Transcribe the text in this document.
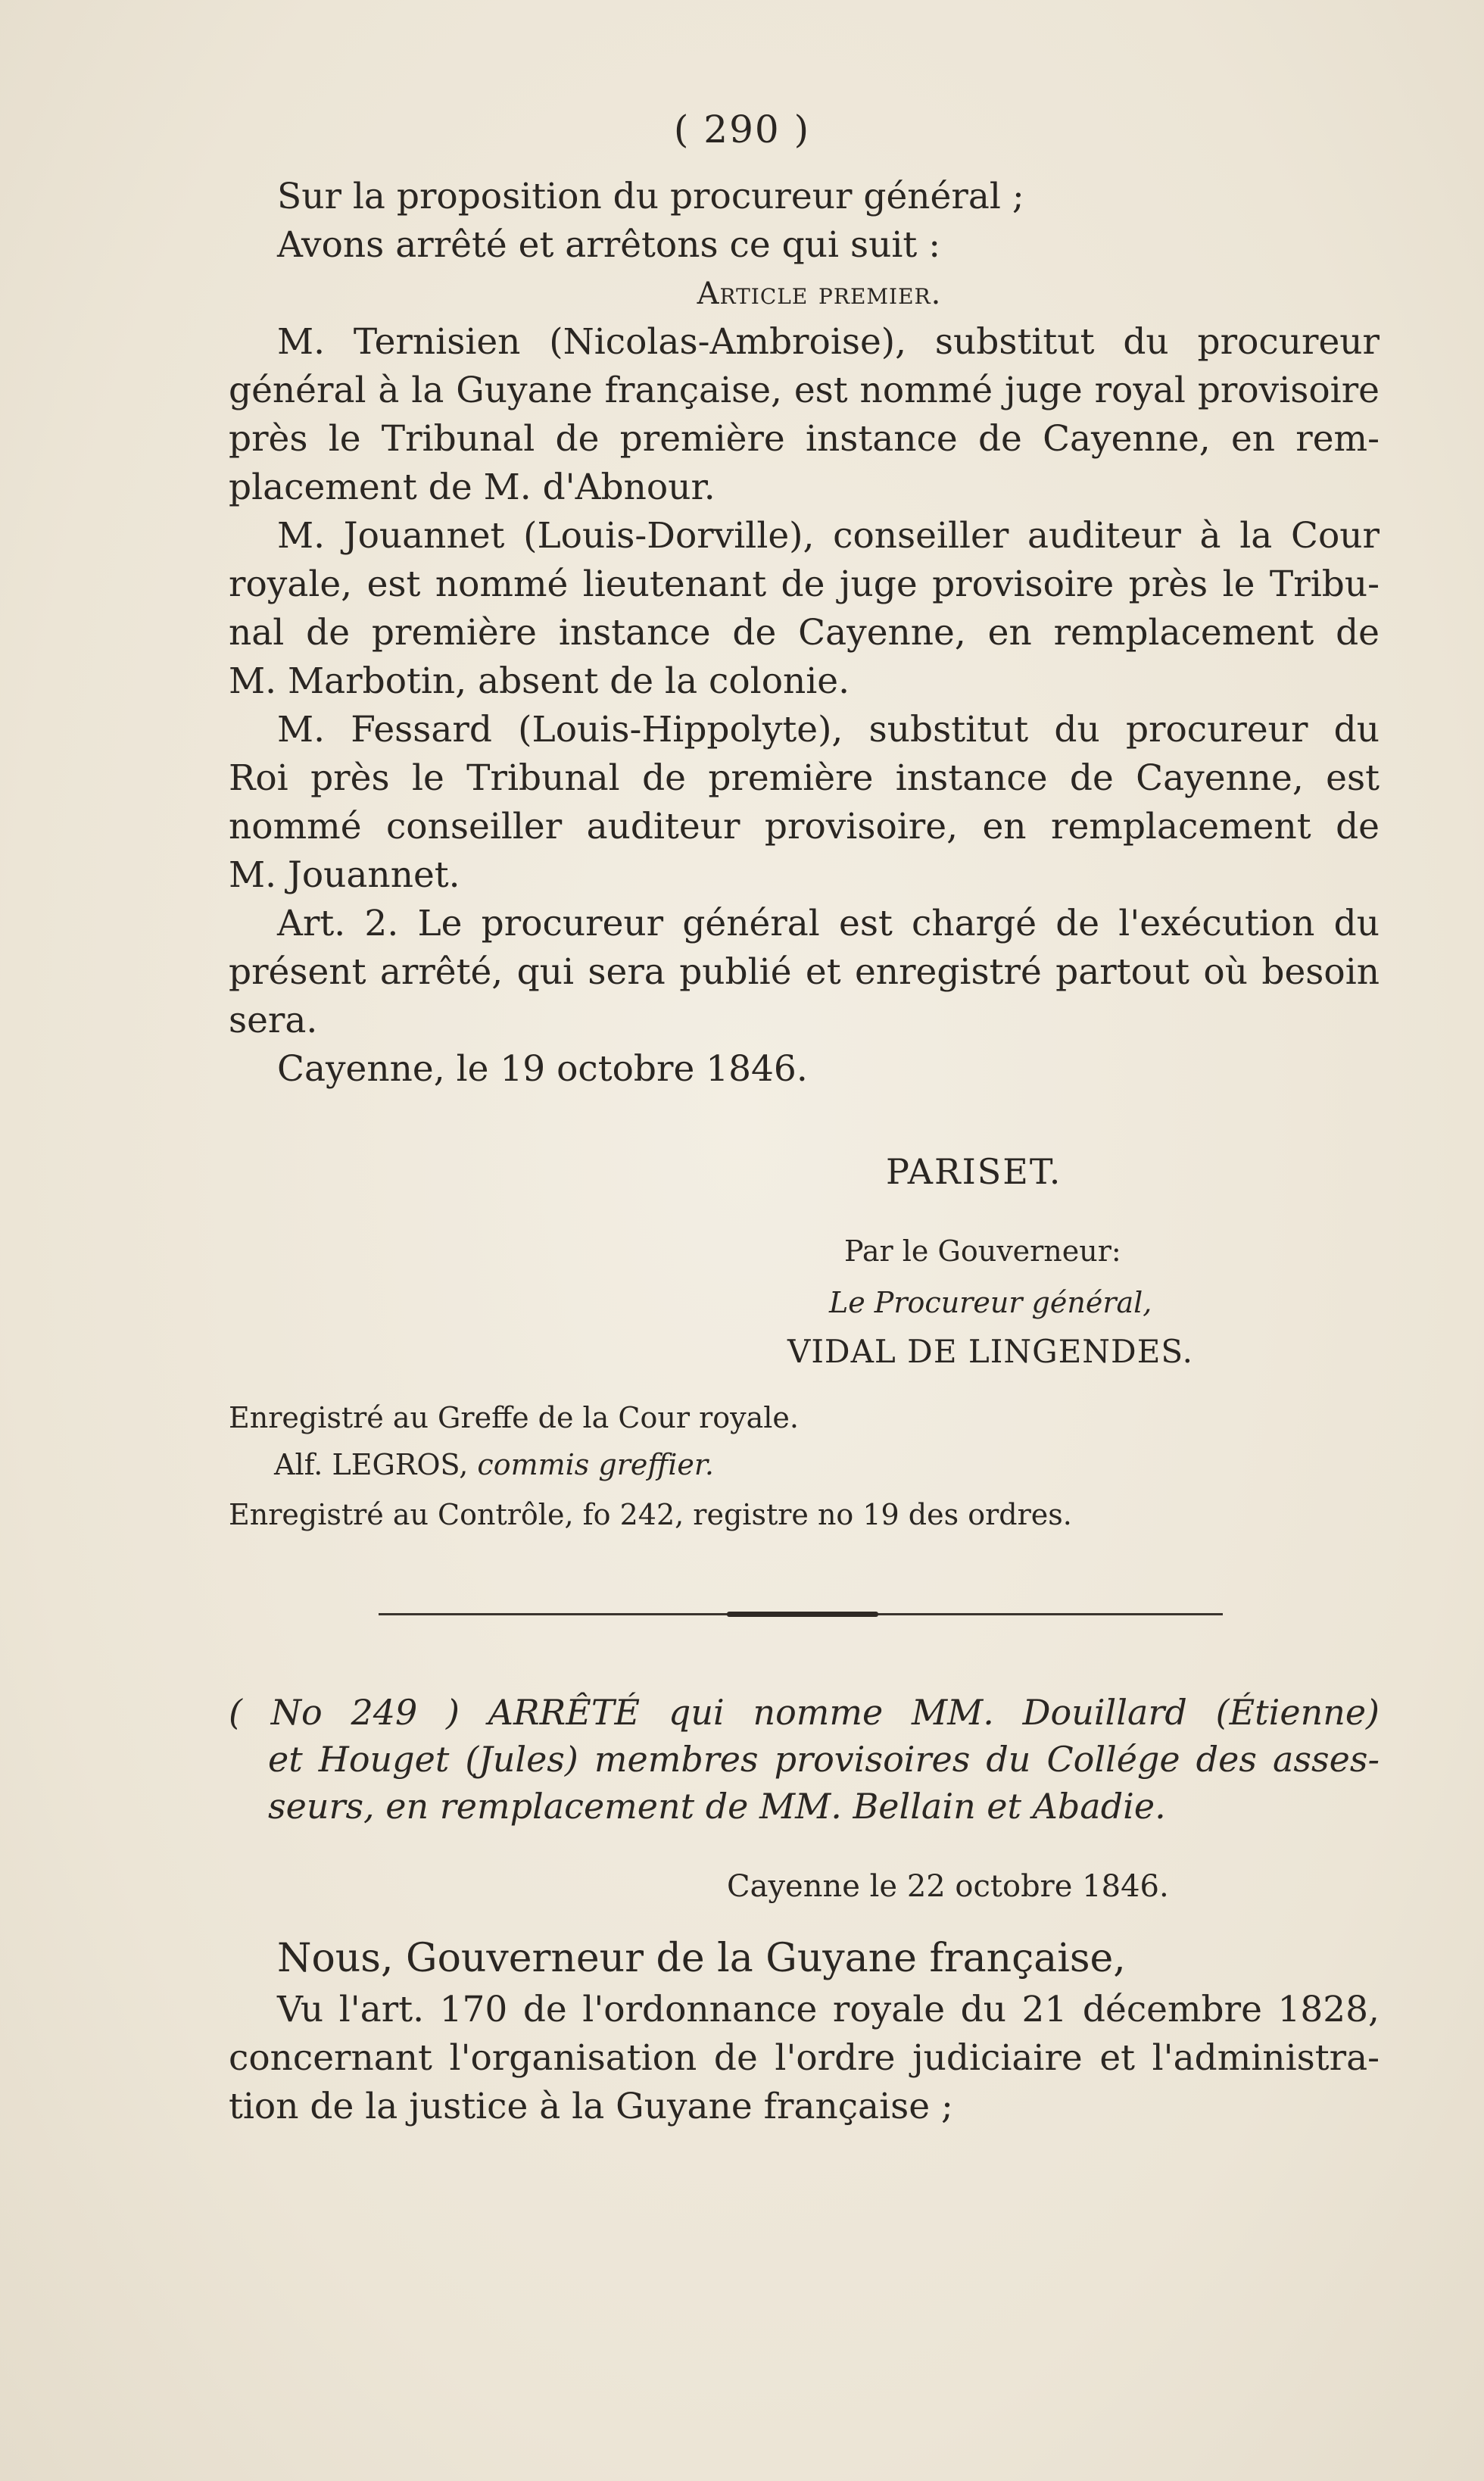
( 290 )

Sur la proposition du procureur général ;

Avons arrêté et arrêtons ce qui suit :

Article premier.

M. Ternisien (Nicolas-Ambroise), substitut du procureur

général à la Guyane française, est nommé juge royal provisoire

près le Tribunal de première instance de Cayenne, en rem-

placement de M. d'Abnour.

M. Jouannet (Louis-Dorville), conseiller auditeur à la Cour

royale, est nommé lieutenant de juge provisoire près le Tribu-

nal de première instance de Cayenne, en remplacement de

M. Marbotin, absent de la colonie.

M. Fessard (Louis-Hippolyte), substitut du procureur du

Roi près le Tribunal de première instance de Cayenne, est

nommé conseiller auditeur provisoire, en remplacement de

M. Jouannet.

Art. 2. Le procureur général est chargé de l'exécution du

présent arrêté, qui sera publié et enregistré partout où besoin

sera.

Cayenne, le 19 octobre 1846.

PARISET.
Par le Gouverneur:
Le Procureur général,
VIDAL DE LINGENDES.
Enregistré au Greffe de la Cour royale.
Alf. LEGROS, commis greffier.
Enregistré au Contrôle, fo 242, registre no 19 des ordres.

( No 249 ) ARRÊTÉ qui nomme MM. Douillard (Étienne)

et Houget (Jules) membres provisoires du Collége des asses-

seurs, en remplacement de MM. Bellain et Abadie.

Cayenne le 22 octobre 1846.

Nous, Gouverneur de la Guyane française,

Vu l'art. 170 de l'ordonnance royale du 21 décembre 1828,

concernant l'organisation de l'ordre judiciaire et l'administra-

tion de la justice à la Guyane française ;
